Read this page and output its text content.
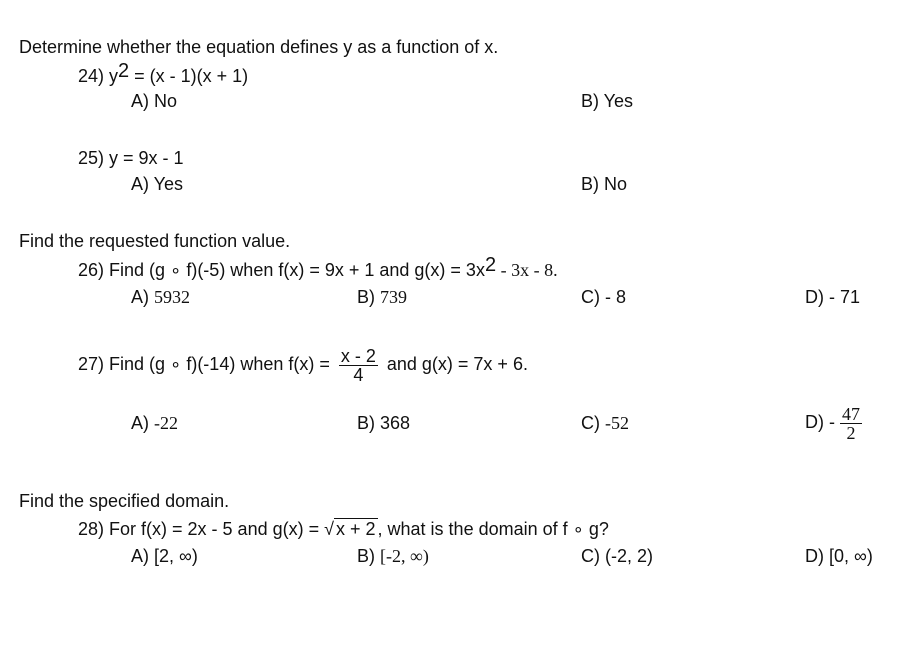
Determine whether the equation defines y as a function of x.
24) y2 = (x - 1)(x + 1)
A) No	B) Yes
25) y = 9x - 1
A) Yes	B) No
Find the requested function value.
26) Find (g ∘ f)(-5) when f(x) = 9x + 1 and g(x) = 3x2 - 3x - 8.
A) 5932	B) 739	C) - 8	D) - 71
27) Find (g ∘ f)(-14) when $f(x) = \frac{x - 2}{4}$ and g(x) = 7x + 6.
A) -22	B) 368	C) -52	$D) - \frac{47}{2}$
Find the specified domain.
28) For f(x) = 2x - 5 and g(x) = √ x + 2 , what is the domain of f ∘ g?
A) [2, ∞)	B) [-2, ∞)	C) (-2, 2)	D) [0, ∞)
